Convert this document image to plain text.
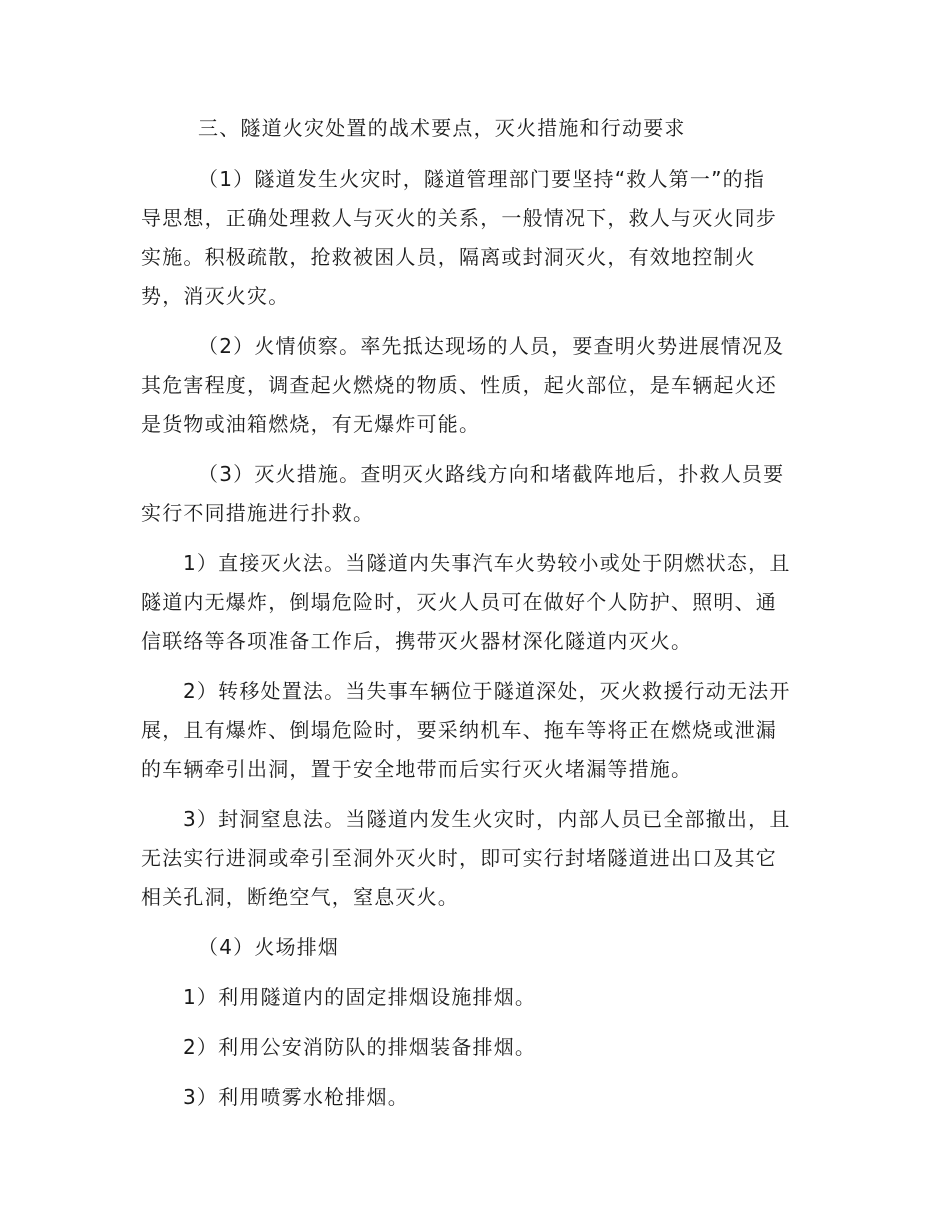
三、隧道火灾处置的战术要点，灭火措施和行动要求
（1）隧道发生火灾时，隧道管理部门要坚持“救人第一”的指
导思想，正确处理救人与灭火的关系，一般情况下，救人与灭火同步
实施。积极疏散，抢救被困人员，隔离或封洞灭火，有效地控制火
势，消灭火灾。
（2）火情侦察。率先抵达现场的人员，要查明火势进展情况及
其危害程度，调查起火燃烧的物质、性质，起火部位，是车辆起火还
是货物或油箱燃烧，有无爆炸可能。
（3）灭火措施。查明灭火路线方向和堵截阵地后，扑救人员要
实行不同措施进行扑救。
1）直接灭火法。当隧道内失事汽车火势较小或处于阴燃状态，且
隧道内无爆炸，倒塌危险时，灭火人员可在做好个人防护、照明、通
信联络等各项准备工作后，携带灭火器材深化隧道内灭火。
2）转移处置法。当失事车辆位于隧道深处，灭火救援行动无法开
展，且有爆炸、倒塌危险时，要采纳机车、拖车等将正在燃烧或泄漏
的车辆牵引出洞，置于安全地带而后实行灭火堵漏等措施。
3）封洞窒息法。当隧道内发生火灾时，内部人员已全部撤出，且
无法实行进洞或牵引至洞外灭火时，即可实行封堵隧道进出口及其它
相关孔洞，断绝空气，窒息灭火。
（4）火场排烟
1）利用隧道内的固定排烟设施排烟。
2）利用公安消防队的排烟装备排烟。
3）利用喷雾水枪排烟。
